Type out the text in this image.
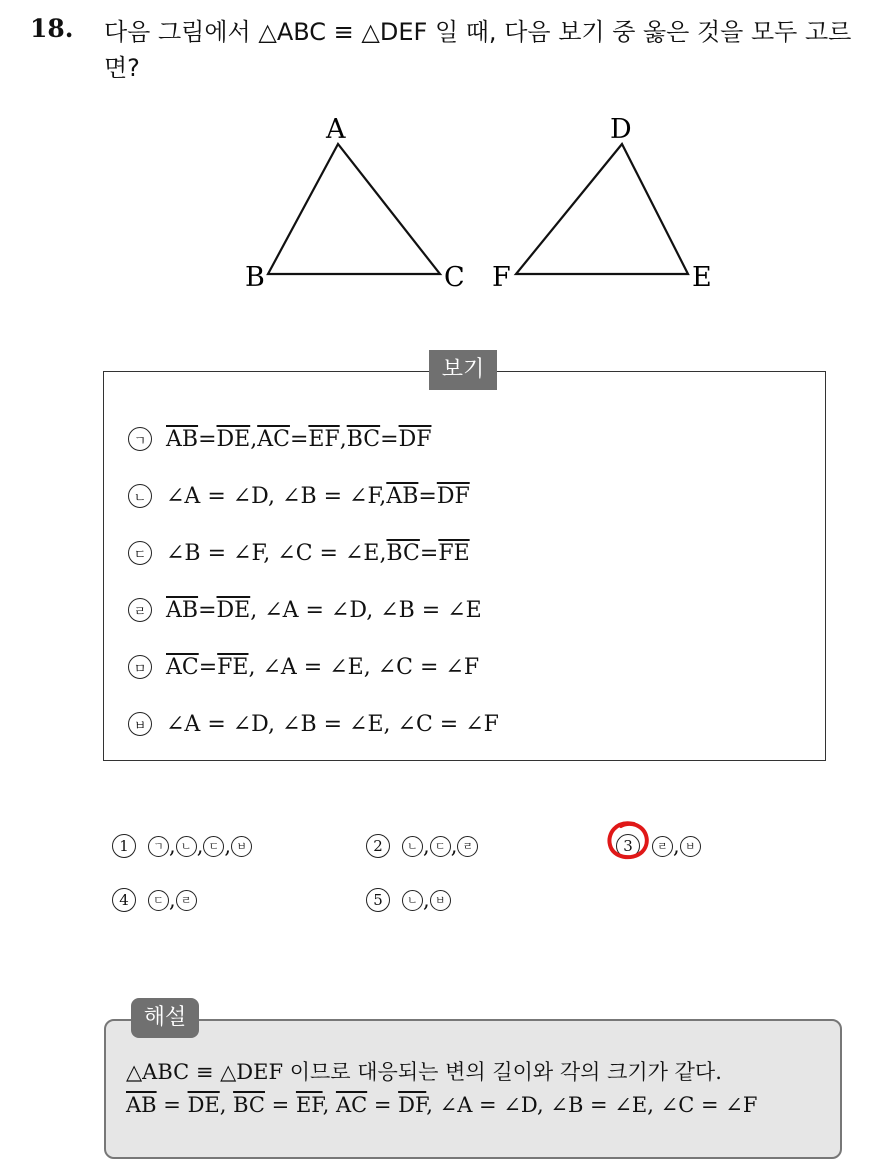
18. 다음 그림에서 △ABC ≡ △DEF 일 때, 다음 보기 중 옳은 것을 모두 고르면?
A
B	C
D
F	E
보기
ㄱ $\overline{AB} = \overline{DE}$ , $\overline{AC} = \overline{EF}$ , $\overline{BC} = \overline{DF}$
ㄴ ∠A = ∠D, ∠B = ∠F, $\overline{AB} = \overline{DF}$
ㄷ ∠B = ∠F, ∠C = ∠E, $\overline{BC} = \overline{FE}$
ㄹ $\overline{AB} = \overline{DE}$ , ∠A = ∠D, ∠B = ∠E
ㅁ $\overline{AC} = \overline{FE}$ , ∠A = ∠E, ∠C = ∠F
ㅂ ∠A = ∠D, ∠B = ∠E, ∠C = ∠F
1	ㄱ , ㄴ , ㄷ , ㅂ	2	ㄴ , ㄷ , ㄹ	3	ㄹ , ㅂ
4	ㄷ , ㄹ	5	ㄴ , ㅂ
해설
△ABC ≡ △DEF 이므로 대응되는 변의 길이와 각의 크기가 같다.
$\overline{AB} = \overline{DE}$, $\overline{BC} = \overline{EF}$, $\overline{AC} = \overline{DF}$, ∠A = ∠D, ∠B = ∠E, ∠C = ∠F
